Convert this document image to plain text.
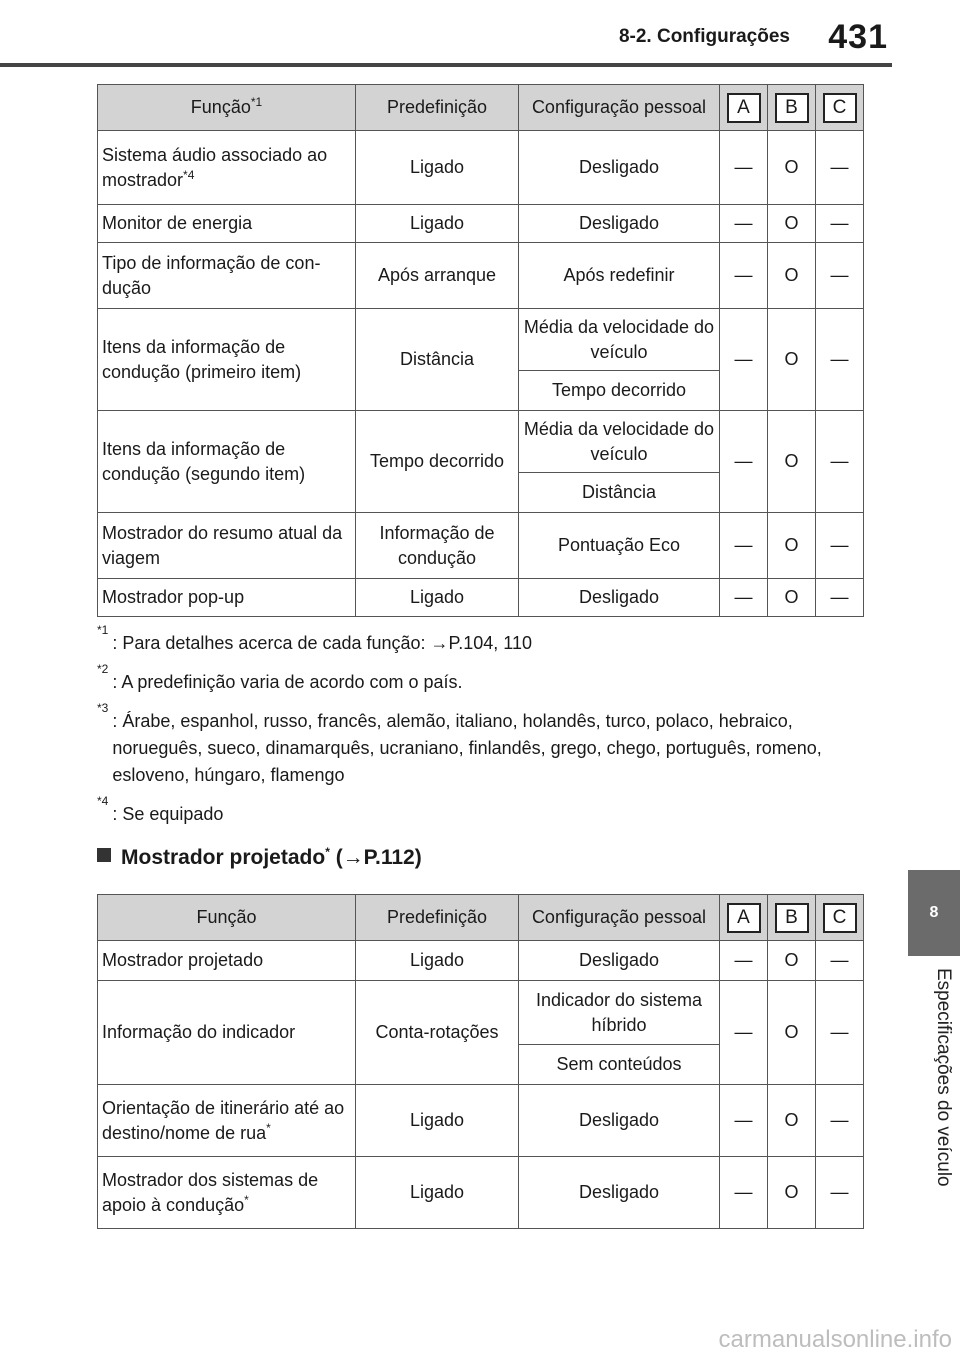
8-2. Configurações 431
8
Especificações do veículo
Função$^{*1}$	Predefinição	Configuração pessoal	A	B	C
Sistema áudio associado ao mostrador$^{*4}$	Ligado	Desligado	—	O	—
Monitor de energia	Ligado	Desligado	—	O	—
Tipo de informação de con-dução	Após arranque	Após redefinir	—	O	—
Itens da informação de condução (primeiro item)	Distância	Média da velocidade do veículo	—	O	—
		Tempo decorrido			
Itens da informação de condução (segundo item)	Tempo decorrido	Média da velocidade do veículo	—	O	—
		Distância			
Mostrador do resumo atual da viagem	Informação de condução	Pontuação Eco	—	O	—
Mostrador pop-up	Ligado	Desligado	—	O	—
*1
: Para detalhes acerca de cada função: →P.104, 110
*2
: A predefinição varia de acordo com o país.
*3
: Árabe, espanhol, russo, francês, alemão, italiano, holandês, turco, polaco, hebraico, norueguês, sueco, dinamarquês, ucraniano, finlandês, grego, chego, português, romeno, esloveno, húngaro, flamengo
*4
: Se equipado
Mostrador projetado* (→P.112)
Função	Predefinição	Configuração pessoal	A	B	C
Mostrador projetado	Ligado	Desligado	—	O	—
Informação do indicador	Conta-rotações	Indicador do sistema híbrido	—	O	—
		Sem conteúdos			
Orientação de itinerário até ao destino/nome de rua*	Ligado	Desligado	—	O	—
Mostrador dos sistemas de apoio à condução*	Ligado	Desligado	—	O	—
carmanualsonline.info
